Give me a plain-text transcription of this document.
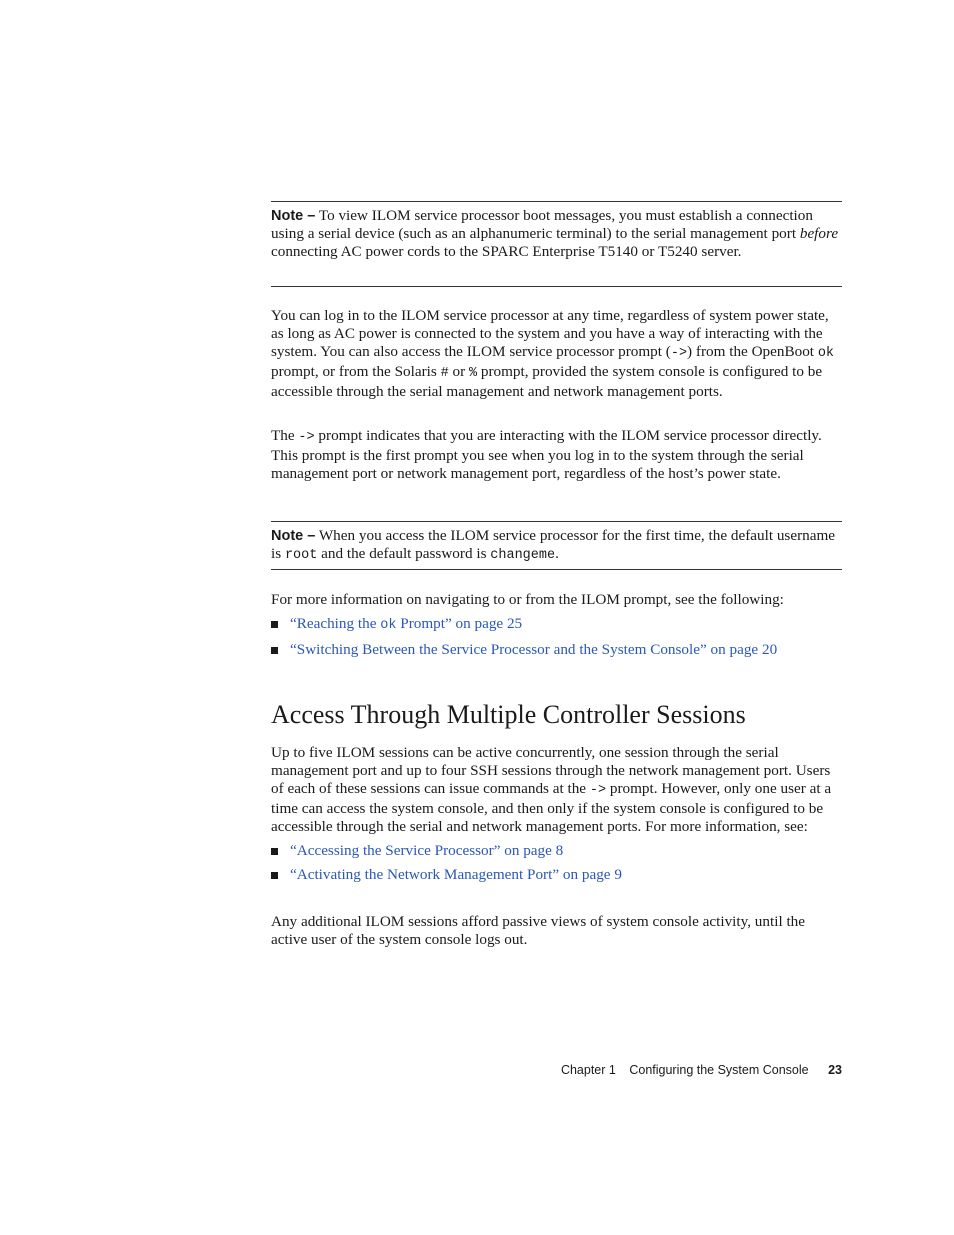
Note – To view ILOM service processor boot messages, you must establish a connection using a serial device (such as an alphanumeric terminal) to the serial management port before connecting AC power cords to the SPARC Enterprise T5140 or T5240 server.

You can log in to the ILOM service processor at any time, regardless of system power state, as long as AC power is connected to the system and you have a way of interacting with the system. You can also access the ILOM service processor prompt (->) from the OpenBoot ok prompt, or from the Solaris # or % prompt, provided the system console is configured to be accessible through the serial management and network management ports.

The -> prompt indicates that you are interacting with the ILOM service processor directly. This prompt is the first prompt you see when you log in to the system through the serial management port or network management port, regardless of the host’s power state.

Note – When you access the ILOM service processor for the first time, the default username is root and the default password is changeme.

For more information on navigating to or from the ILOM prompt, see the following:

“Reaching the ok Prompt” on page 25
“Switching Between the Service Processor and the System Console” on page 20
Access Through Multiple Controller Sessions

Up to five ILOM sessions can be active concurrently, one session through the serial management port and up to four SSH sessions through the network management port. Users of each of these sessions can issue commands at the -> prompt. However, only one user at a time can access the system console, and then only if the system console is configured to be accessible through the serial and network management ports. For more information, see:

“Accessing the Service Processor” on page 8
“Activating the Network Management Port” on page 9

Any additional ILOM sessions afford passive views of system console activity, until the active user of the system console logs out.

Chapter 1 Configuring the System Console 23
